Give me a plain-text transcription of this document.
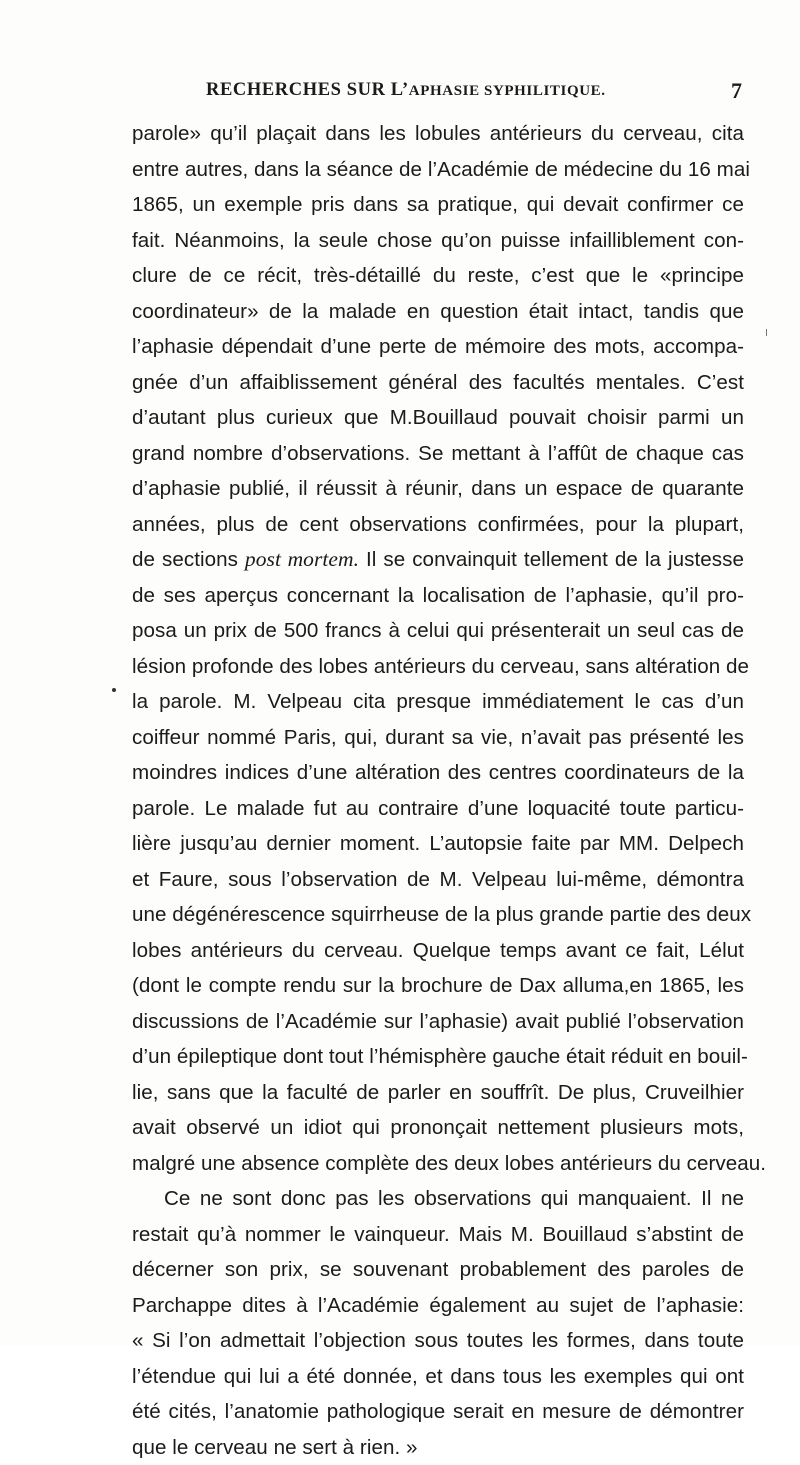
RECHERCHES SUR L’APHASIE SYPHILITIQUE.	7
parole» qu’il plaçait dans les lobules antérieurs du cerveau, cita
entre autres, dans la séance de l’Académie de médecine du 16 mai
1865, un exemple pris dans sa pratique, qui devait confirmer ce
fait. Néanmoins, la seule chose qu’on puisse infailliblement con-
clure de ce récit, très-détaillé du reste, c’est que le «principe
coordinateur» de la malade en question était intact, tandis que
l’aphasie dépendait d’une perte de mémoire des mots, accompa-
gnée d’un affaiblissement général des facultés mentales. C’est
d’autant plus curieux que M.Bouillaud pouvait choisir parmi un
grand nombre d’observations. Se mettant à l’affût de chaque cas
d’aphasie publié, il réussit à réunir, dans un espace de quarante
années, plus de cent observations confirmées, pour la plupart,
de sections post mortem. Il se convainquit tellement de la justesse
de ses aperçus concernant la localisation de l’aphasie, qu’il pro-
posa un prix de 500 francs à celui qui présenterait un seul cas de
lésion profonde des lobes antérieurs du cerveau, sans altération de
la parole. M. Velpeau cita presque immédiatement le cas d’un
coiffeur nommé Paris, qui, durant sa vie, n’avait pas présenté les
moindres indices d’une altération des centres coordinateurs de la
parole. Le malade fut au contraire d’une loquacité toute particu-
lière jusqu’au dernier moment. L’autopsie faite par MM. Delpech
et Faure, sous l’observation de M. Velpeau lui-même, démontra
une dégénérescence squirrheuse de la plus grande partie des deux
lobes antérieurs du cerveau. Quelque temps avant ce fait, Lélut
(dont le compte rendu sur la brochure de Dax alluma,en 1865, les
discussions de l’Académie sur l’aphasie) avait publié l’observation
d’un épileptique dont tout l’hémisphère gauche était réduit en bouil-
lie, sans que la faculté de parler en souffrît. De plus, Cruveilhier
avait observé un idiot qui prononçait nettement plusieurs mots,
malgré une absence complète des deux lobes antérieurs du cerveau.
Ce ne sont donc pas les observations qui manquaient. Il ne
restait qu’à nommer le vainqueur. Mais M. Bouillaud s’abstint de
décerner son prix, se souvenant probablement des paroles de
Parchappe dites à l’Académie également au sujet de l’aphasie:
« Si l’on admettait l’objection sous toutes les formes, dans toute
l’étendue qui lui a été donnée, et dans tous les exemples qui ont
été cités, l’anatomie pathologique serait en mesure de démontrer
que le cerveau ne sert à rien. »
